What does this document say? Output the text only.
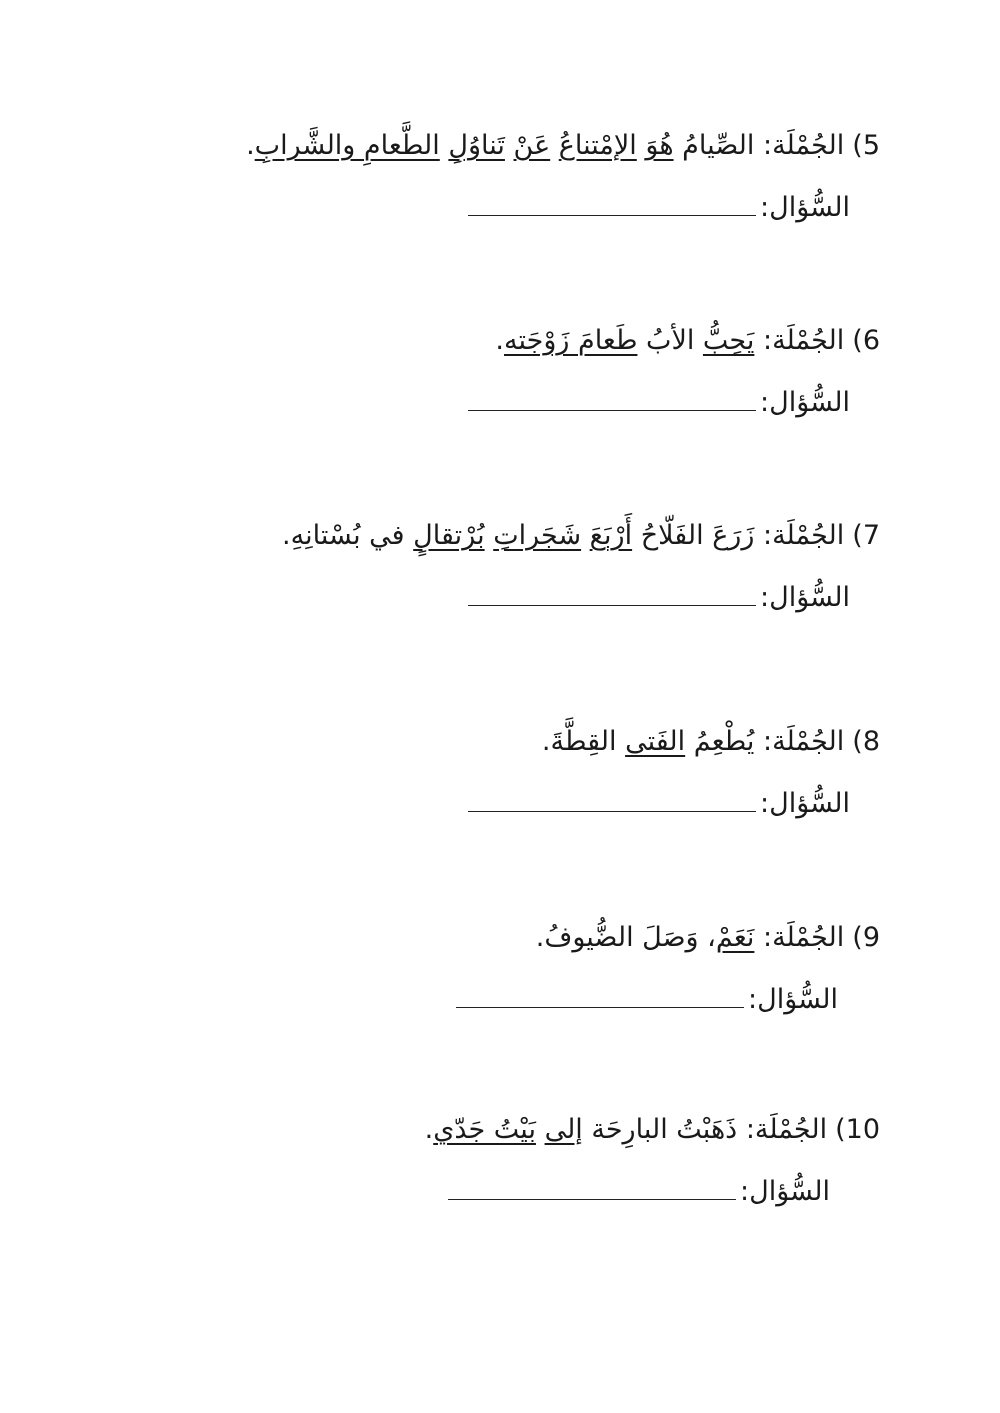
5)الجُمْلَة: الصِّيامُ هُوَ الإمْتناعُ عَنْ تَناوُلِ الطَّعامِ والشَّرابِ.
السُّؤال:
6)الجُمْلَة: يَحِبُّ الأبُ طَعامَ زَوْجَته.
السُّؤال:
7)الجُمْلَة: زَرَعَ الفَلّاحُ أَرْبَعَ شَجَراتِ بُرْتقالٍ في بُسْتانِهِ.
السُّؤال:
8)الجُمْلَة: يُطْعِمُ الفَتى القِطَّةَ.
السُّؤال:
9)الجُمْلَة: نَعَمْ، وَصَلَ الضُّيوفُ.
السُّؤال:
10)الجُمْلَة: ذَهَبْتُ البارِحَة إلى بَيْتُ جَدّي.
السُّؤال:
